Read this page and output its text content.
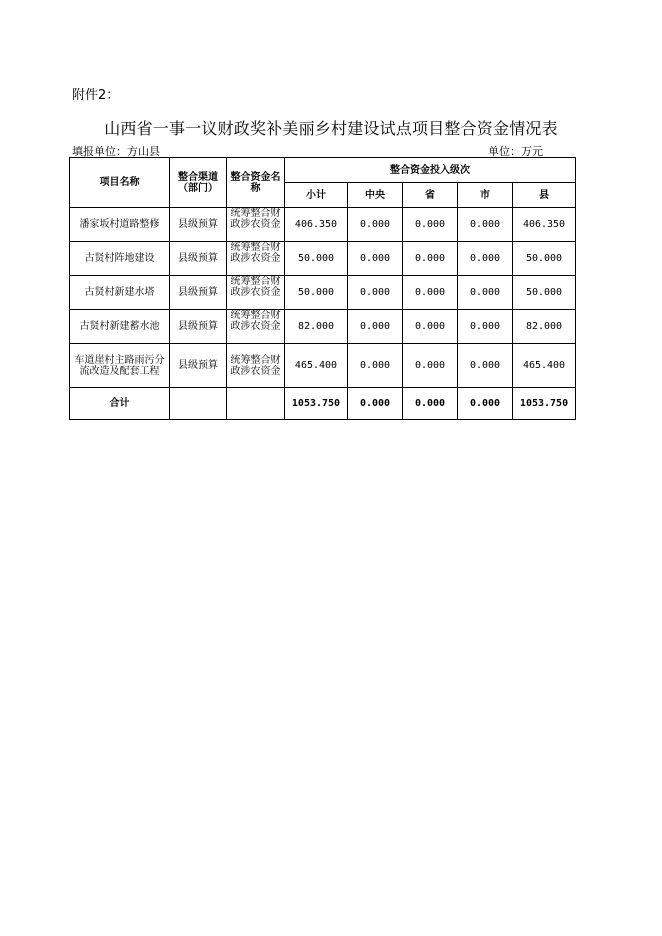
附件2：
山西省一事一议财政奖补美丽乡村建设试点项目整合资金情况表
填报单位：方山县	单位：万元
项目名称	整合渠道（部门）	整合资金名称	整合资金投入级次				
			小计	中央	省	市	县
潘家坂村道路整修	县级预算	统筹整合财政涉农资金	406.350	0.000	0.000	0.000	406.350
古贤村阵地建设	县级预算	统筹整合财政涉农资金	50.000	0.000	0.000	0.000	50.000
古贤村新建水塔	县级预算	统筹整合财政涉农资金	50.000	0.000	0.000	0.000	50.000
古贤村新建蓄水池	县级预算	统筹整合财政涉农资金	82.000	0.000	0.000	0.000	82.000
车道崖村主路雨污分流改造及配套工程	县级预算	统筹整合财政涉农资金	465.400	0.000	0.000	0.000	465.400
合计			1053.750	0.000	0.000	0.000	1053.750
